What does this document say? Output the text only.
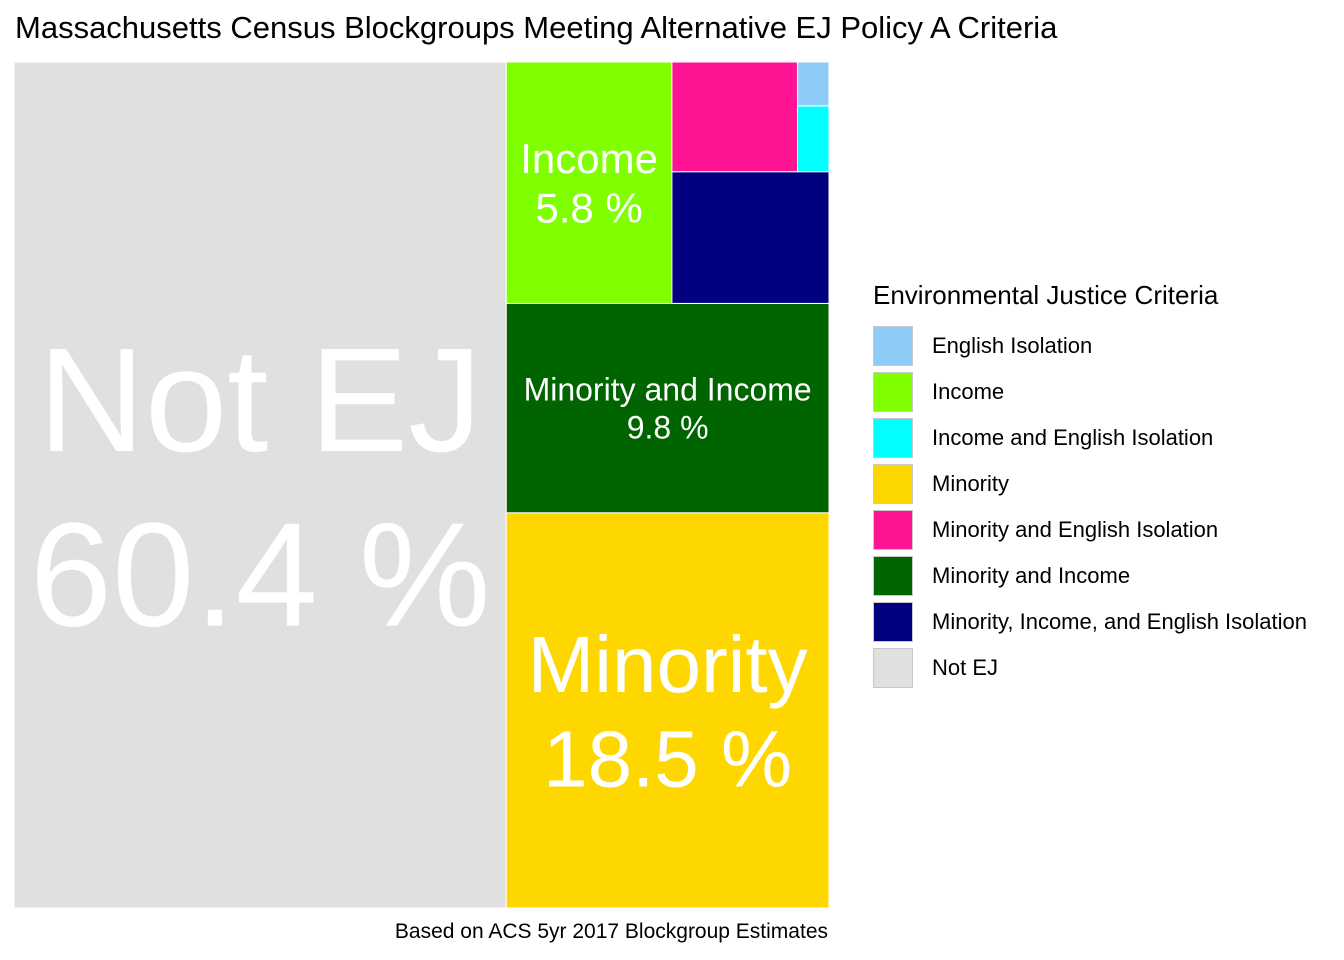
Massachusetts Census Blockgroups Meeting Alternative EJ Policy A Criteria
Not EJ
60.4 %
Minority
18.5 %
Minority and Income
9.8 %
Income
5.8 %
Based on ACS 5yr 2017 Blockgroup Estimates
Environmental Justice Criteria
English Isolation
Income
Income and English Isolation
Minority
Minority and English Isolation
Minority and Income
Minority, Income, and English Isolation
Not EJ
